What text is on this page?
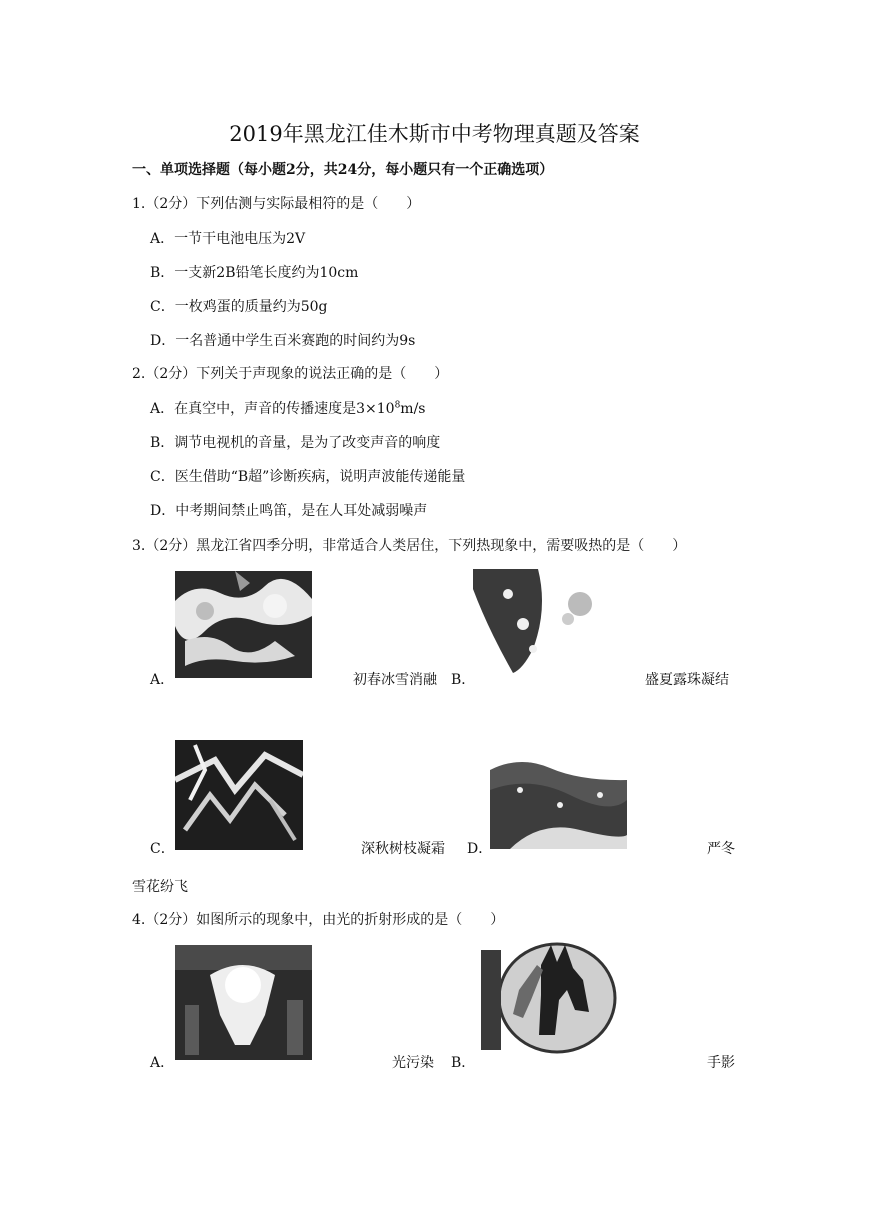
2019年黑龙江佳木斯市中考物理真题及答案
一、单项选择题（每小题2分，共24分，每小题只有一个正确选项）
1.（2分）下列估测与实际最相符的是（　　）
A．一节干电池电压为2V
B．一支新2B铅笔长度约为10cm
C．一枚鸡蛋的质量约为50g
D．一名普通中学生百米赛跑的时间约为9s
2.（2分）下列关于声现象的说法正确的是（　　）
A．在真空中，声音的传播速度是$3\times 10^8m/s$
B．调节电视机的音量，是为了改变声音的响度
C．医生借助“B超”诊断疾病，说明声波能传递能量
D．中考期间禁止鸣笛，是在人耳处减弱噪声
3.（2分）黑龙江省四季分明，非常适合人类居住，下列热现象中，需要吸热的是（　　）
A．	初春冰雪消融 B．	盛夏露珠凝结
C．	深秋树枝凝霜 D．	严冬
雪花纷飞
4.（2分）如图所示的现象中，由光的折射形成的是（　　）
A．	光污染 B．	手影
